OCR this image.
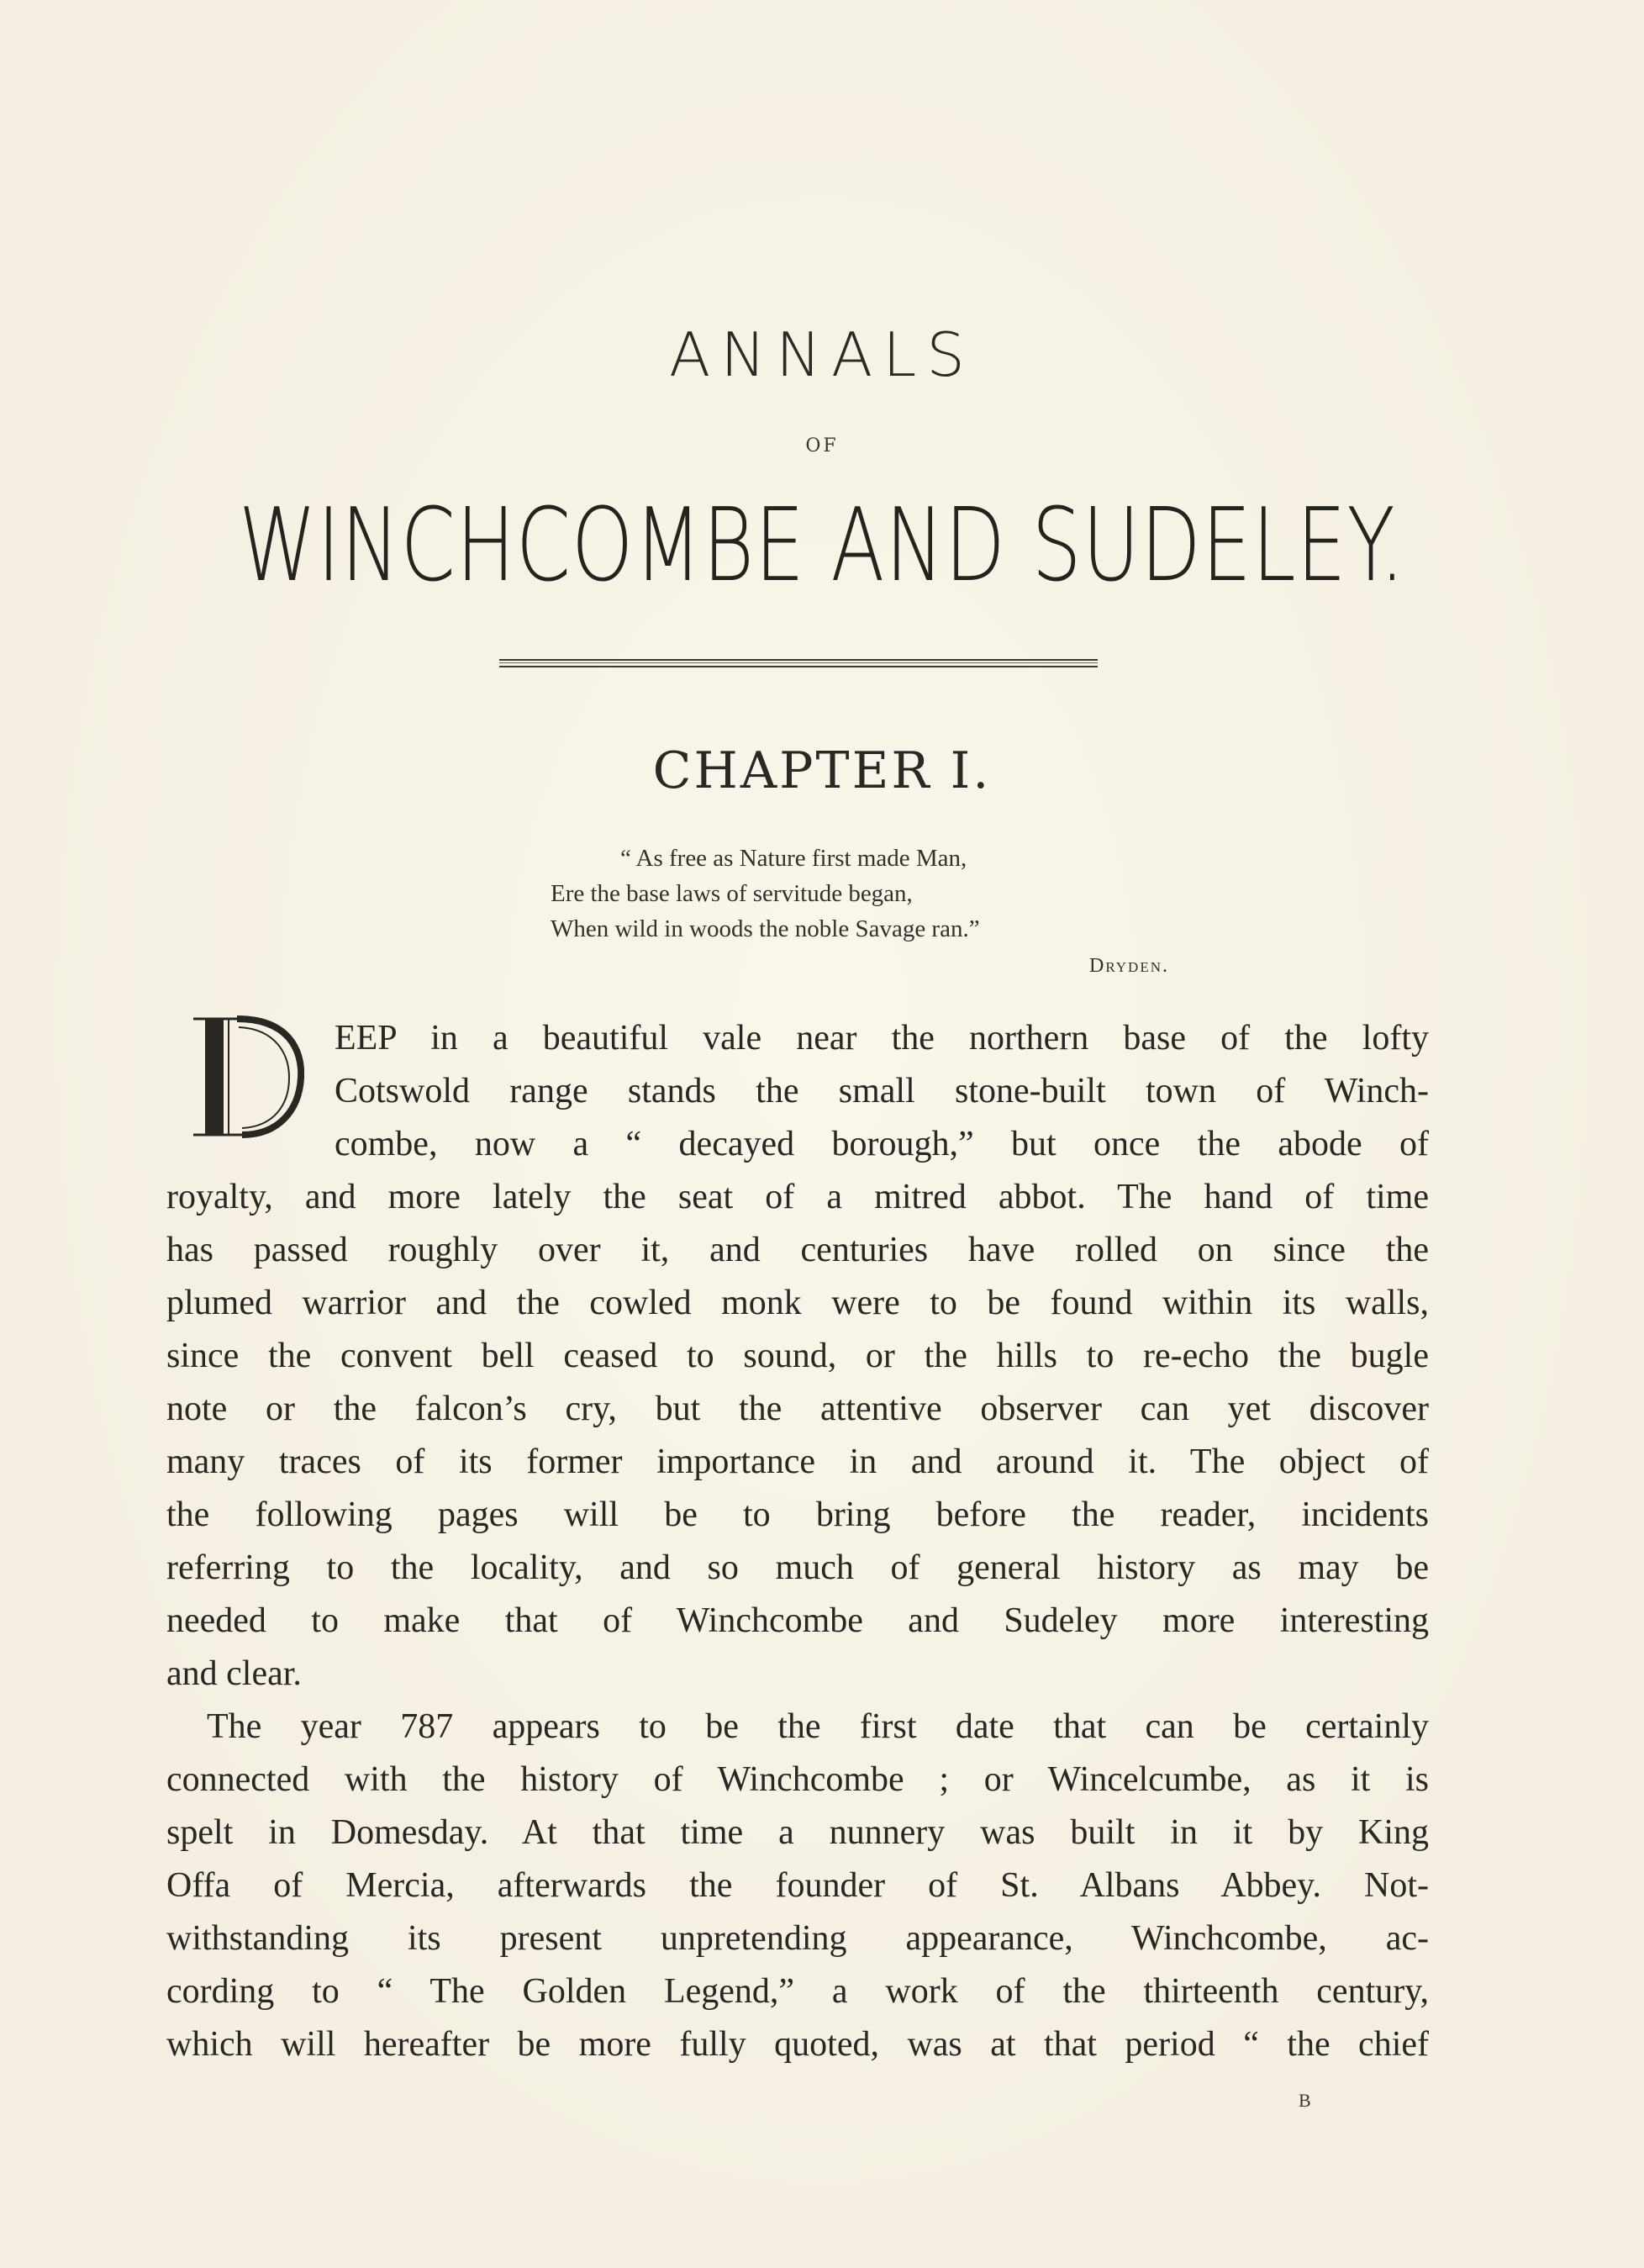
ANNALS
OF
WINCHCOMBE AND SUDELEY.
CHAPTER I.
“ As free as Nature first made Man,
Ere the base laws of servitude began,
When wild in woods the noble Savage ran.”
Dryden.
EEP in a beautiful vale near the northern base of the lofty
Cotswold range stands the small stone-built town of Winch-
combe, now a “ decayed borough,” but once the abode of
royalty, and more lately the seat of a mitred abbot. The hand of time
has passed roughly over it, and centuries have rolled on since the
plumed warrior and the cowled monk were to be found within its walls,
since the convent bell ceased to sound, or the hills to re-echo the bugle
note or the falcon’s cry, but the attentive observer can yet discover
many traces of its former importance in and around it. The object of
the following pages will be to bring before the reader, incidents
referring to the locality, and so much of general history as may be
needed to make that of Winchcombe and Sudeley more interesting
and clear.
The year 787 appears to be the first date that can be certainly
connected with the history of Winchcombe ; or Wincelcumbe, as it is
spelt in Domesday. At that time a nunnery was built in it by King
Offa of Mercia, afterwards the founder of St. Albans Abbey. Not-
withstanding its present unpretending appearance, Winchcombe, ac-
cording to “ The Golden Legend,” a work of the thirteenth century,
which will hereafter be more fully quoted, was at that period “ the chief
B
